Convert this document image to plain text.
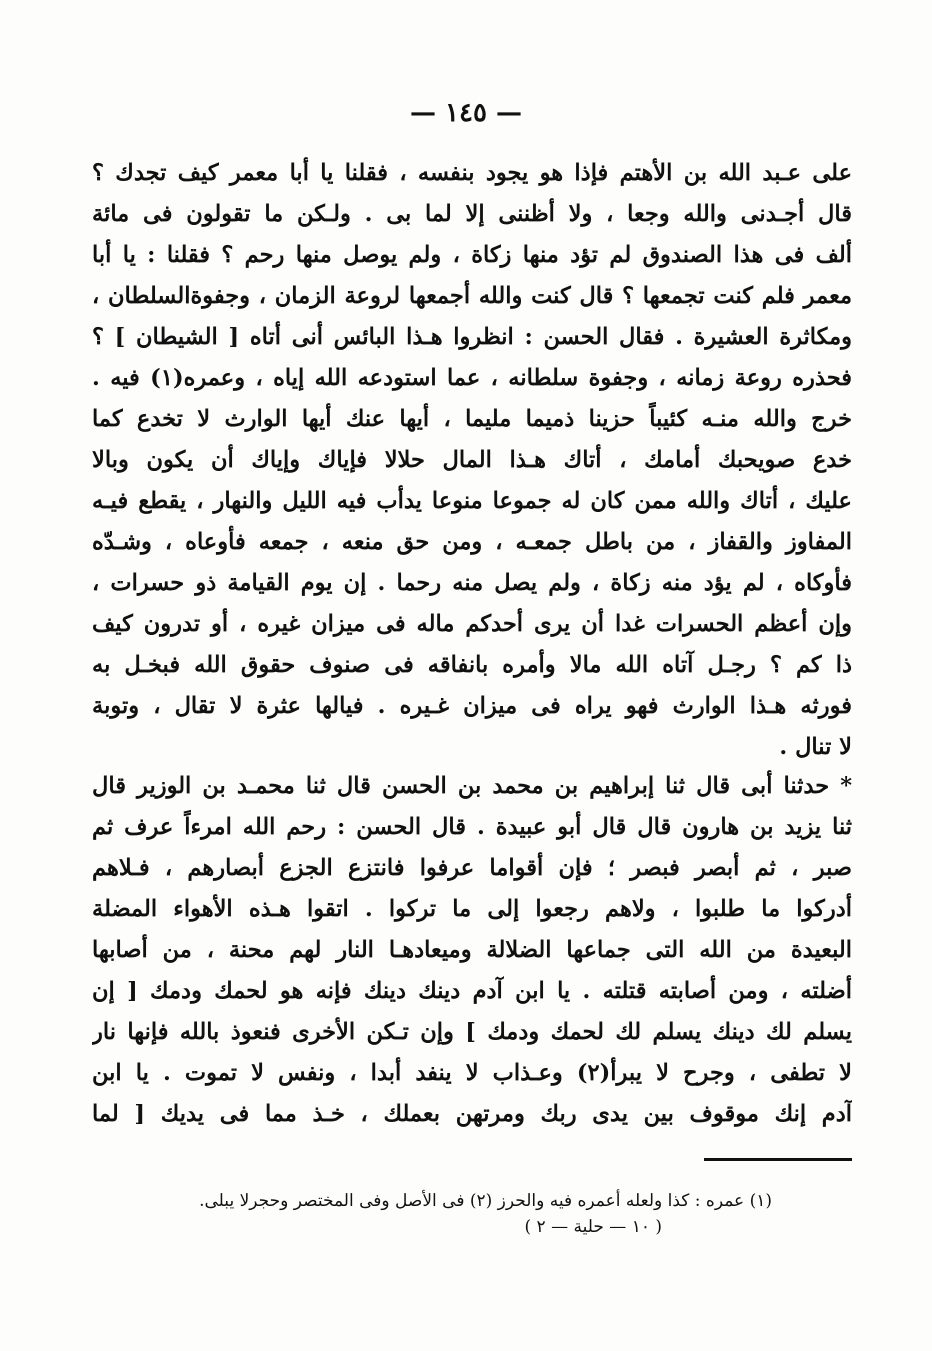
— ١٤٥ —
على عـبد الله بن الأهتم فإذا هو يجود بنفسه ، فقلنا يا أبا معمر كيف تجدك ؟
قال أجـدنى والله وجعا ، ولا أظننى إلا لما بى . ولـكن ما تقولون فى مائة
ألف فى هذا الصندوق لم تؤد منها زكاة ، ولم يوصل منها رحم ؟ فقلنا : يا أبا
معمر فلم كنت تجمعها ؟ قال كنت والله أجمعها لروعة الزمان ، وجفوةالسلطان ،
ومكاثرة العشيرة . فقال الحسن : انظروا هـذا البائس أنى أتاه [ الشيطان ] ؟
فحذره روعة زمانه ، وجفوة سلطانه ، عما استودعه الله إياه ، وعمره(١) فيه .
خرج والله منـه كئيباً حزينا ذميما مليما ، أيها عنك أيها الوارث لا تخدع كما
خدع صويحبك أمامك ، أتاك هـذا المال حلالا فإياك وإياك أن يكون وبالا
عليك ، أتاك والله ممن كان له جموعا منوعا يدأب فيه الليل والنهار ، يقطع فيـه
المفاوز والقفاز ، من باطل جمعـه ، ومن حق منعه ، جمعه فأوعاه ، وشـدّه
فأوكاه ، لم يؤد منه زكاة ، ولم يصل منه رحما . إن يوم القيامة ذو حسرات ،
وإن أعظم الحسرات غدا أن يرى أحدكم ماله فى ميزان غيره ، أو تدرون كيف
ذا كم ؟ رجـل آتاه الله مالا وأمره بانفاقه فى صنوف حقوق الله فبخـل به
فورثه هـذا الوارث فهو يراه فى ميزان غـيره . فيالها عثرة لا تقال ، وتوبة
لا تنال .
* حدثنا أبى قال ثنا إبراهيم بن محمد بن الحسن قال ثنا محمـد بن الوزير قال
ثنا يزيد بن هارون قال قال أبو عبيدة . قال الحسن : رحم الله امرءاً عرف ثم
صبر ، ثم أبصر فبصر ؛ فإن أقواما عرفوا فانتزع الجزع أبصارهم ، فـلاهم
أدركوا ما طلبوا ، ولاهم رجعوا إلى ما تركوا . اتقوا هـذه الأهواء المضلة
البعيدة من الله التى جماعها الضلالة وميعادهـا النار لهم محنة ، من أصابها
أضلته ، ومن أصابته قتلته . يا ابن آدم دينك دينك فإنه هو لحمك ودمك [ إن
يسلم لك دينك يسلم لك لحمك ودمك ] وإن تـكن الأخرى فنعوذ بالله فإنها نار
لا تطفى ، وجرح لا يبرأ(٢) وعـذاب لا ينفد أبدا ، ونفس لا تموت . يا ابن
آدم إنك موقوف بين يدى ربك ومرتهن بعملك ، خـذ مما فى يديك [ لما
(١) عمره : كذا ولعله أعمره فيه والحرز (٢) فى الأصل وفى المختصر وحجرلا يبلى.
( ١٠ — حلية — ٢ )
